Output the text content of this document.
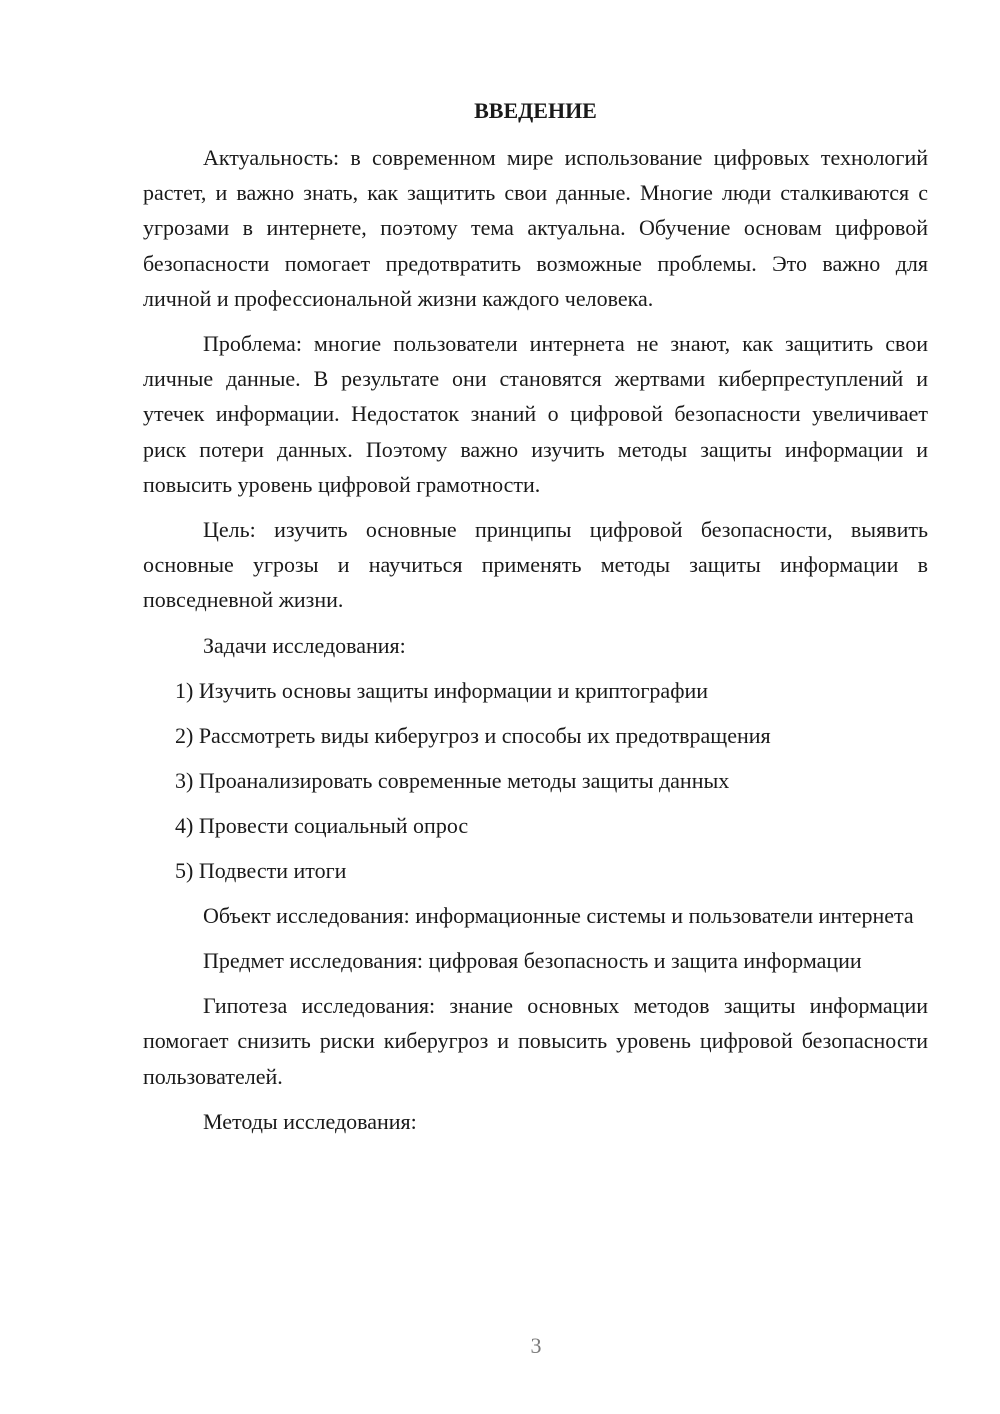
ВВЕДЕНИЕ

Актуальность: в современном мире использование цифровых технологий растет, и важно знать, как защитить свои данные. Многие люди сталкиваются с угрозами в интернете, поэтому тема актуальна. Обучение основам цифровой безопасности помогает предотвратить возможные проблемы. Это важно для личной и профессиональной жизни каждого человека.

Проблема: многие пользователи интернета не знают, как защитить свои личные данные. В результате они становятся жертвами киберпреступлений и утечек информации. Недостаток знаний о цифровой безопасности увеличивает риск потери данных. Поэтому важно изучить методы защиты информации и повысить уровень цифровой грамотности.

Цель: изучить основные принципы цифровой безопасности, выявить основные угрозы и научиться применять методы защиты информации в повседневной жизни.

Задачи исследования:

1) Изучить основы защиты информации и криптографии

2) Рассмотреть виды киберугроз и способы их предотвращения

3) Проанализировать современные методы защиты данных

4) Провести социальный опрос

5) Подвести итоги

Объект исследования: информационные системы и пользователи интернета

Предмет исследования: цифровая безопасность и защита информации

Гипотеза исследования: знание основных методов защиты информации помогает снизить риски киберугроз и повысить уровень цифровой безопасности пользователей.

Методы исследования:

3
